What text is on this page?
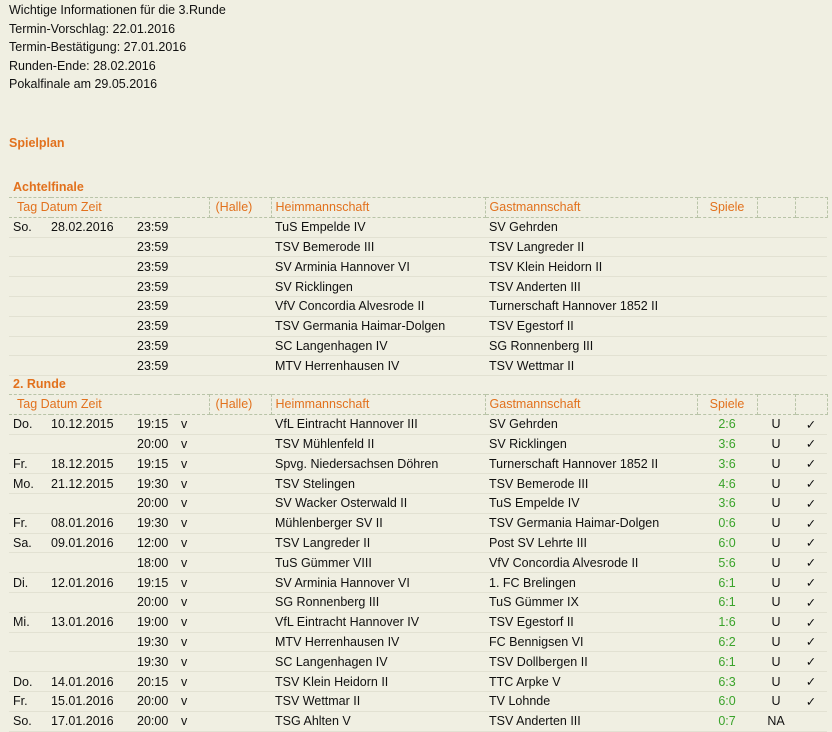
Wichtige Informationen für die 3.Runde
Termin-Vorschlag: 22.01.2016
Termin-Bestätigung: 27.01.2016
Runden-Ende: 28.02.2016
Pokalfinale am 29.05.2016
Spielplan
Achtelfinale
Tag Datum Zeit				(Halle)	Heimmannschaft	Gastmannschaft	Spiele		
So.	28.02.2016	23:59			TuS Empelde IV	SV Gehrden			
		23:59			TSV Bemerode III	TSV Langreder II			
		23:59			SV Arminia Hannover VI	TSV Klein Heidorn II			
		23:59			SV Ricklingen	TSV Anderten III			
		23:59			VfV Concordia Alvesrode II	Turnerschaft Hannover 1852 II			
		23:59			TSV Germania Haimar-Dolgen	TSV Egestorf II			
		23:59			SC Langenhagen IV	SG Ronnenberg III			
		23:59			MTV Herrenhausen IV	TSV Wettmar II			
2. Runde
Tag Datum Zeit				(Halle)	Heimmannschaft	Gastmannschaft	Spiele		
Do.	10.12.2015	19:15	v		VfL Eintracht Hannover III	SV Gehrden	2:6	U	✓
		20:00	v		TSV Mühlenfeld II	SV Ricklingen	3:6	U	✓
Fr.	18.12.2015	19:15	v		Spvg. Niedersachsen Döhren	Turnerschaft Hannover 1852 II	3:6	U	✓
Mo.	21.12.2015	19:30	v		TSV Stelingen	TSV Bemerode III	4:6	U	✓
		20:00	v		SV Wacker Osterwald II	TuS Empelde IV	3:6	U	✓
Fr.	08.01.2016	19:30	v		Mühlenberger SV II	TSV Germania Haimar-Dolgen	0:6	U	✓
Sa.	09.01.2016	12:00	v		TSV Langreder II	Post SV Lehrte III	6:0	U	✓
		18:00	v		TuS Gümmer VIII	VfV Concordia Alvesrode II	5:6	U	✓
Di.	12.01.2016	19:15	v		SV Arminia Hannover VI	1. FC Brelingen	6:1	U	✓
		20:00	v		SG Ronnenberg III	TuS Gümmer IX	6:1	U	✓
Mi.	13.01.2016	19:00	v		VfL Eintracht Hannover IV	TSV Egestorf II	1:6	U	✓
		19:30	v		MTV Herrenhausen IV	FC Bennigsen VI	6:2	U	✓
		19:30	v		SC Langenhagen IV	TSV Dollbergen II	6:1	U	✓
Do.	14.01.2016	20:15	v		TSV Klein Heidorn II	TTC Arpke V	6:3	U	✓
Fr.	15.01.2016	20:00	v		TSV Wettmar II	TV Lohnde	6:0	U	✓
So.	17.01.2016	20:00	v		TSG Ahlten V	TSV Anderten III	0:7	NA	
